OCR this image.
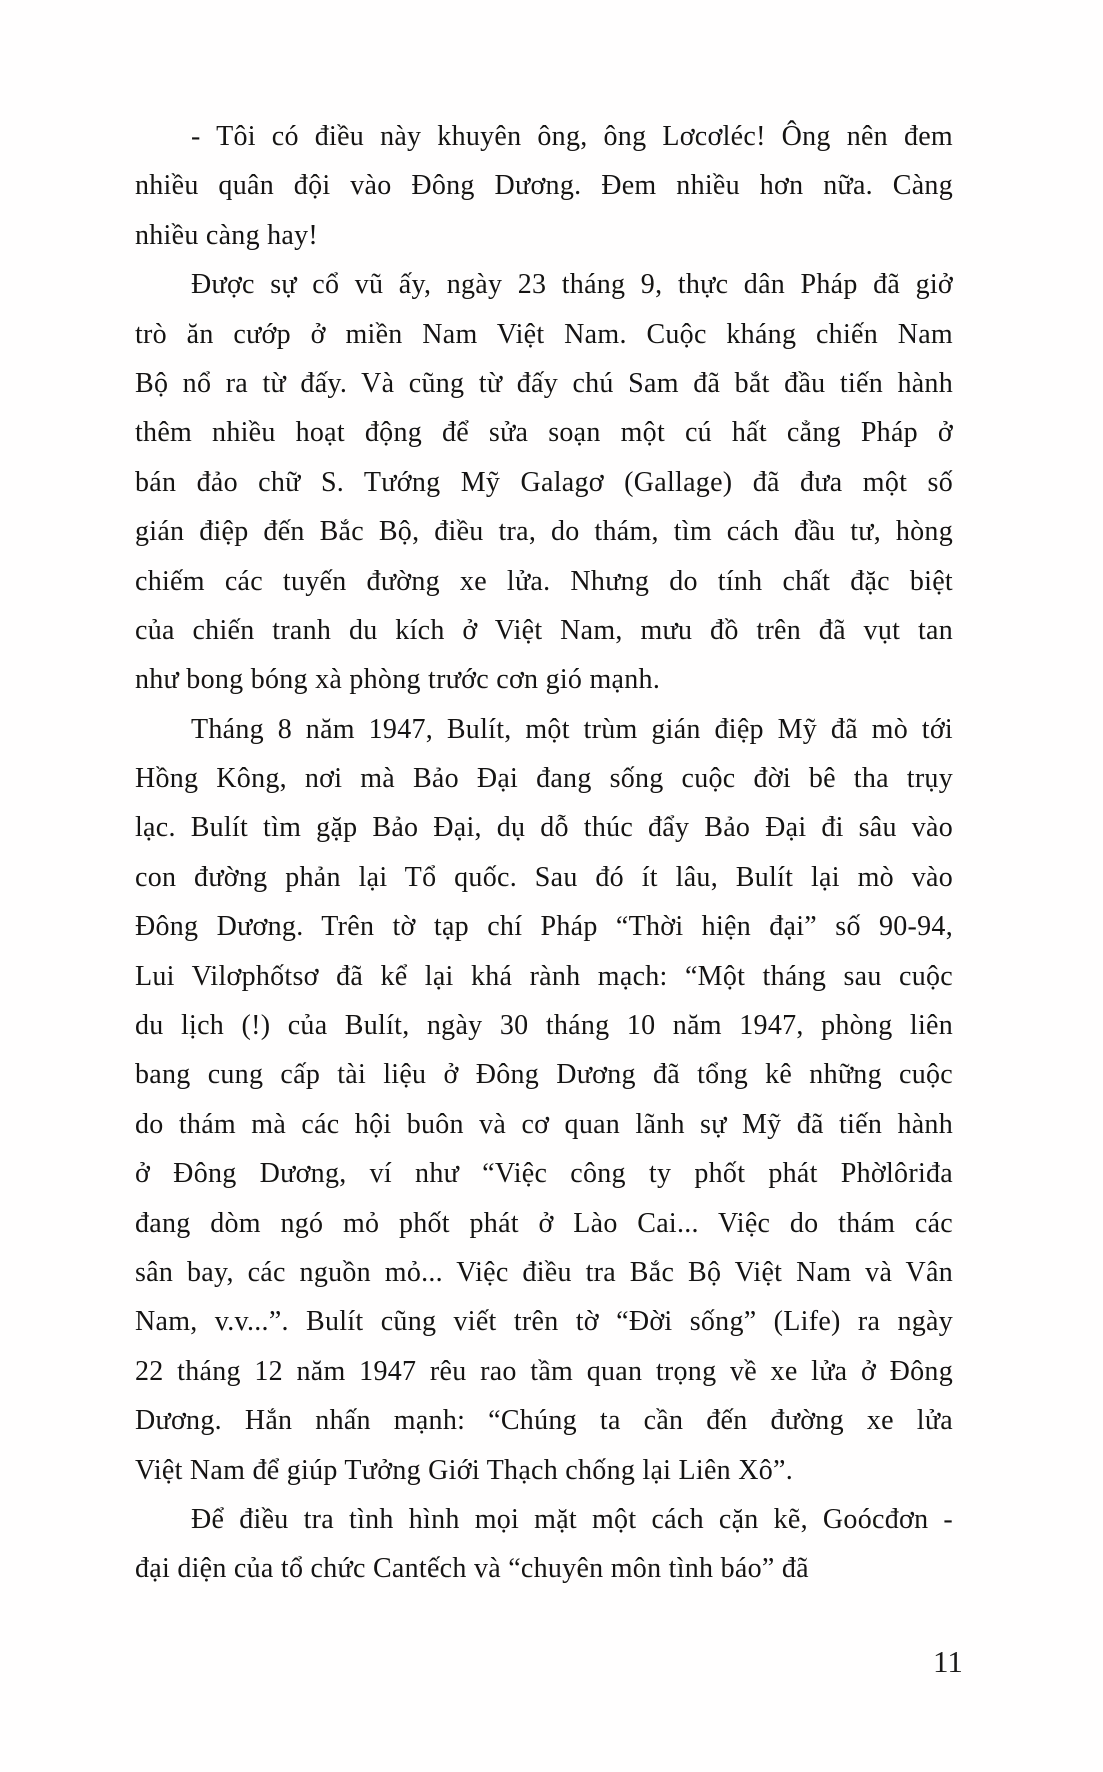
- Tôi có điều này khuyên ông, ông Lơcơléc! Ông nên đem
nhiều quân đội vào Đông Dương. Đem nhiều hơn nữa. Càng
nhiều càng hay!
Được sự cổ vũ ấy, ngày 23 tháng 9, thực dân Pháp đã giở
trò ăn cướp ở miền Nam Việt Nam. Cuộc kháng chiến Nam
Bộ nổ ra từ đấy. Và cũng từ đấy chú Sam đã bắt đầu tiến hành
thêm nhiều hoạt động để sửa soạn một cú hất cẳng Pháp ở
bán đảo chữ S. Tướng Mỹ Galagơ (Gallage) đã đưa một số
gián điệp đến Bắc Bộ, điều tra, do thám, tìm cách đầu tư, hòng
chiếm các tuyến đường xe lửa. Nhưng do tính chất đặc biệt
của chiến tranh du kích ở Việt Nam, mưu đồ trên đã vụt tan
như bong bóng xà phòng trước cơn gió mạnh.
Tháng 8 năm 1947, Bulít, một trùm gián điệp Mỹ đã mò tới
Hồng Kông, nơi mà Bảo Đại đang sống cuộc đời bê tha trụy
lạc. Bulít tìm gặp Bảo Đại, dụ dỗ thúc đẩy Bảo Đại đi sâu vào
con đường phản lại Tổ quốc. Sau đó ít lâu, Bulít lại mò vào
Đông Dương. Trên tờ tạp chí Pháp “Thời hiện đại” số 90-94,
Lui Vilơphốtsơ đã kể lại khá rành mạch: “Một tháng sau cuộc
du lịch (!) của Bulít, ngày 30 tháng 10 năm 1947, phòng liên
bang cung cấp tài liệu ở Đông Dương đã tổng kê những cuộc
do thám mà các hội buôn và cơ quan lãnh sự Mỹ đã tiến hành
ở Đông Dương, ví như “Việc công ty phốt phát Phờlôriđa
đang dòm ngó mỏ phốt phát ở Lào Cai... Việc do thám các
sân bay, các nguồn mỏ... Việc điều tra Bắc Bộ Việt Nam và Vân
Nam, v.v...”. Bulít cũng viết trên tờ “Đời sống” (Life) ra ngày
22 tháng 12 năm 1947 rêu rao tầm quan trọng về xe lửa ở Đông
Dương. Hắn nhấn mạnh: “Chúng ta cần đến đường xe lửa
Việt Nam để giúp Tưởng Giới Thạch chống lại Liên Xô”.
Để điều tra tình hình mọi mặt một cách cặn kẽ, Goócđơn -
đại diện của tổ chức Cantếch và “chuyên môn tình báo” đã
11
